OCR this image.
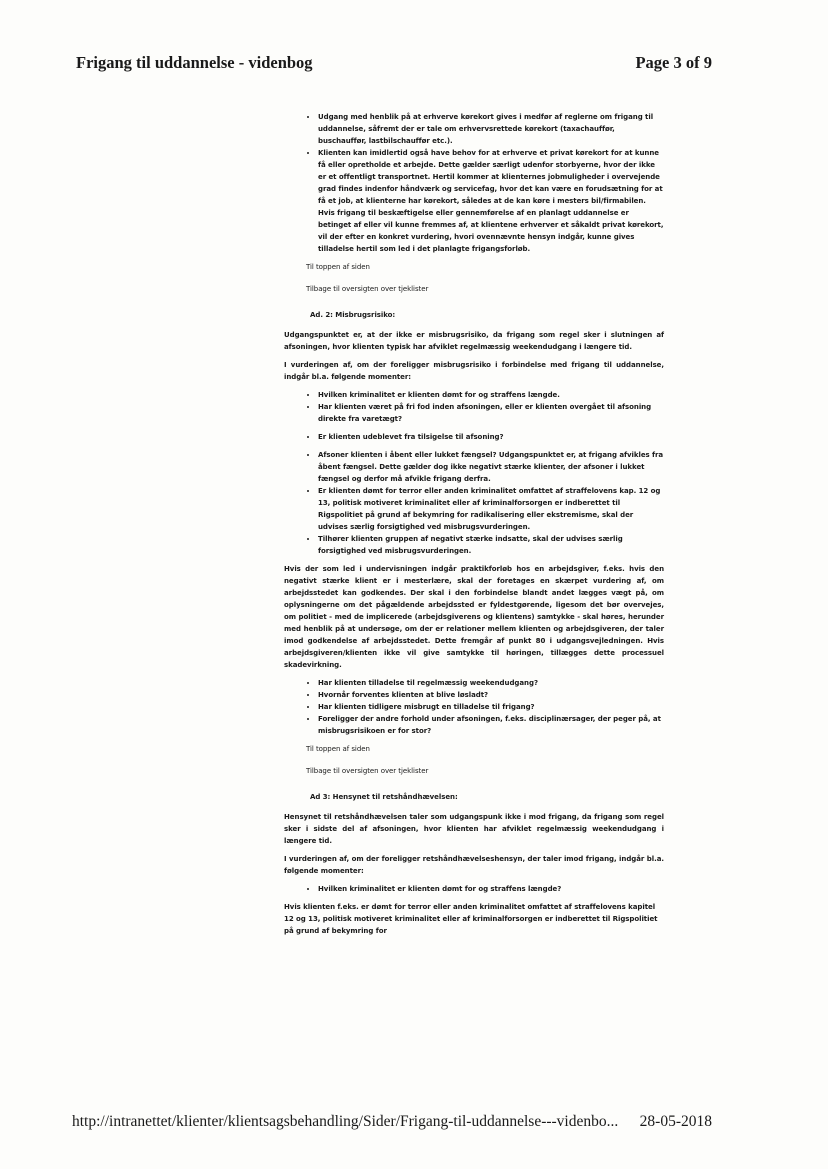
Frigang til uddannelse - videnbog	Page 3 of 9
• Udgang med henblik på at erhverve kørekort gives i medfør af reglerne om frigang til uddannelse, såfremt der er tale om erhvervsrettede kørekort (taxachauffør, buschauffør, lastbilschauffør etc.).
• Klienten kan imidlertid også have behov for at erhverve et privat kørekort for at kunne få eller opretholde et arbejde. Dette gælder særligt udenfor storbyerne, hvor der ikke er et offentligt transportnet. Hertil kommer at klienternes jobmuligheder i overvejende grad findes indenfor håndværk og servicefag, hvor det kan være en forudsætning for at få et job, at klienterne har kørekort, således at de kan køre i mesters bil/firmabilen. Hvis frigang til beskæftigelse eller gennemførelse af en planlagt uddannelse er betinget af eller vil kunne fremmes af, at klientene erhverver et såkaldt privat kørekort, vil der efter en konkret vurdering, hvori ovennævnte hensyn indgår, kunne gives tilladelse hertil som led i det planlagte frigangsforløb.
Til toppen af siden
Tilbage til oversigten over tjeklister
Ad. 2: Misbrugsrisiko:

Udgangspunktet er, at der ikke er misbrugsrisiko, da frigang som regel sker i slutningen af afsoningen, hvor klienten typisk har afviklet regelmæssig weekendudgang i længere tid.

I vurderingen af, om der foreligger misbrugsrisiko i forbindelse med frigang til uddannelse, indgår bl.a. følgende momenter:

• Hvilken kriminalitet er klienten dømt for og straffens længde.
• Har klienten været på fri fod inden afsoningen, eller er klienten overgået til afsoning direkte fra varetægt?
• Er klienten udeblevet fra tilsigelse til afsoning?
• Afsoner klienten i åbent eller lukket fængsel? Udgangspunktet er, at frigang afvikles fra åbent fængsel. Dette gælder dog ikke negativt stærke klienter, der afsoner i lukket fængsel og derfor må afvikle frigang derfra.
• Er klienten dømt for terror eller anden kriminalitet omfattet af straffelovens kap. 12 og 13, politisk motiveret kriminalitet eller af kriminalforsorgen er indberettet til Rigspolitiet på grund af bekymring for radikalisering eller ekstremisme, skal der udvises særlig forsigtighed ved misbrugsvurderingen.
• Tilhører klienten gruppen af negativt stærke indsatte, skal der udvises særlig forsigtighed ved misbrugsvurderingen.

Hvis der som led i undervisningen indgår praktikforløb hos en arbejdsgiver, f.eks. hvis den negativt stærke klient er i mesterlære, skal der foretages en skærpet vurdering af, om arbejdsstedet kan godkendes. Der skal i den forbindelse blandt andet lægges vægt på, om oplysningerne om det pågældende arbejdssted er fyldestgørende, ligesom det bør overvejes, om politiet - med de implicerede (arbejdsgiverens og klientens) samtykke - skal høres, herunder med henblik på at undersøge, om der er relationer mellem klienten og arbejdsgiveren, der taler imod godkendelse af arbejdsstedet. Dette fremgår af punkt 80 i udgangsvejledningen. Hvis arbejdsgiveren/klienten ikke vil give samtykke til høringen, tillægges dette processuel skadevirkning.

• Har klienten tilladelse til regelmæssig weekendudgang?
• Hvornår forventes klienten at blive løsladt?
• Har klienten tidligere misbrugt en tilladelse til frigang?
• Foreligger der andre forhold under afsoningen, f.eks. disciplinærsager, der peger på, at misbrugsrisikoen er for stor?
Til toppen af siden
Tilbage til oversigten over tjeklister
Ad 3: Hensynet til retshåndhævelsen:

Hensynet til retshåndhævelsen taler som udgangspunk ikke i mod frigang, da frigang som regel sker i sidste del af afsoningen, hvor klienten har afviklet regelmæssig weekendudgang i længere tid.

I vurderingen af, om der foreligger retshåndhævelseshensyn, der taler imod frigang, indgår bl.a. følgende momenter:

• Hvilken kriminalitet er klienten dømt for og straffens længde?

Hvis klienten f.eks. er dømt for terror eller anden kriminalitet omfattet af straffelovens kapitel 12 og 13, politisk motiveret kriminalitet eller af kriminalforsorgen er indberettet til Rigspolitiet på grund af bekymring for

http://intranettet/klienter/klientsagsbehandling/Sider/Frigang-til-uddannelse---videnbo... 28-05-2018
